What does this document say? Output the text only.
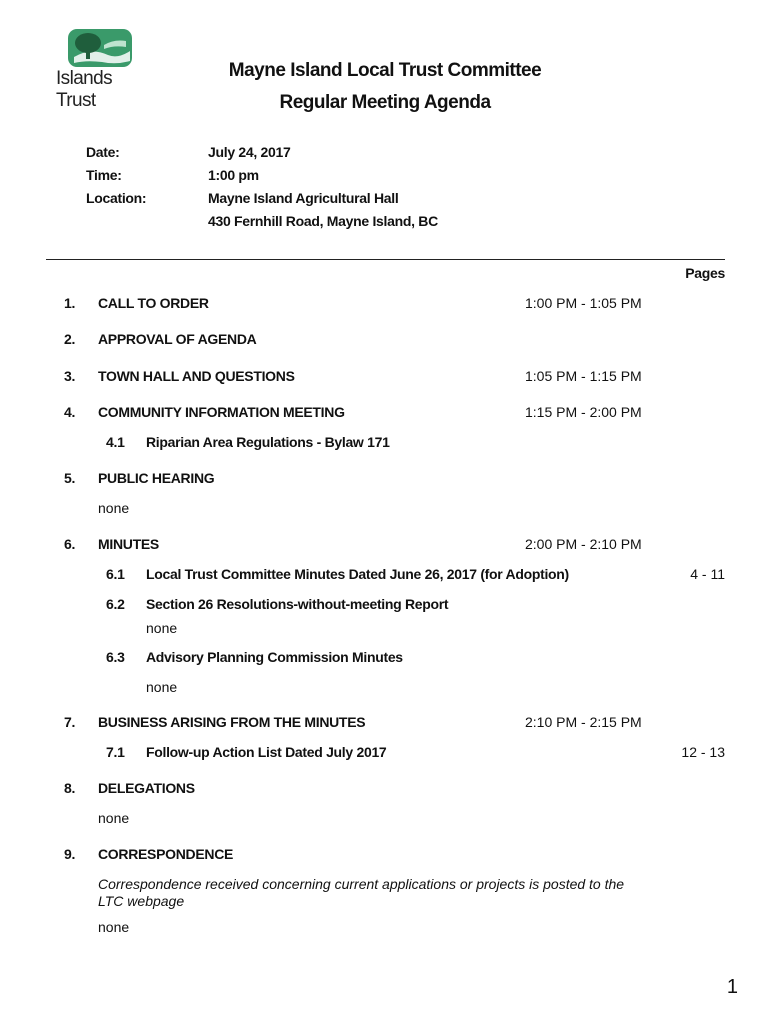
Islands Trust
Mayne Island Local Trust Committee
Regular Meeting Agenda
Date:	July 24, 2017
Time:	1:00 pm
Location:	Mayne Island Agricultural Hall
430 Fernhill Road, Mayne Island, BC
Pages
1. CALL TO ORDER	1:00 PM - 1:05 PM
2. APPROVAL OF AGENDA
3. TOWN HALL AND QUESTIONS	1:05 PM - 1:15 PM
4. COMMUNITY INFORMATION MEETING	1:15 PM - 2:00 PM
4.1 Riparian Area Regulations - Bylaw 171
5. PUBLIC HEARING
none
6. MINUTES	2:00 PM - 2:10 PM
6.1 Local Trust Committee Minutes Dated June 26, 2017 (for Adoption)	4 - 11
6.2 Section 26 Resolutions-without-meeting Report
none
6.3 Advisory Planning Commission Minutes
none
7. BUSINESS ARISING FROM THE MINUTES	2:10 PM - 2:15 PM
7.1 Follow-up Action List Dated July 2017	12 - 13
8. DELEGATIONS
none
9. CORRESPONDENCE
Correspondence received concerning current applications or projects is posted to the LTC webpage
none
1
